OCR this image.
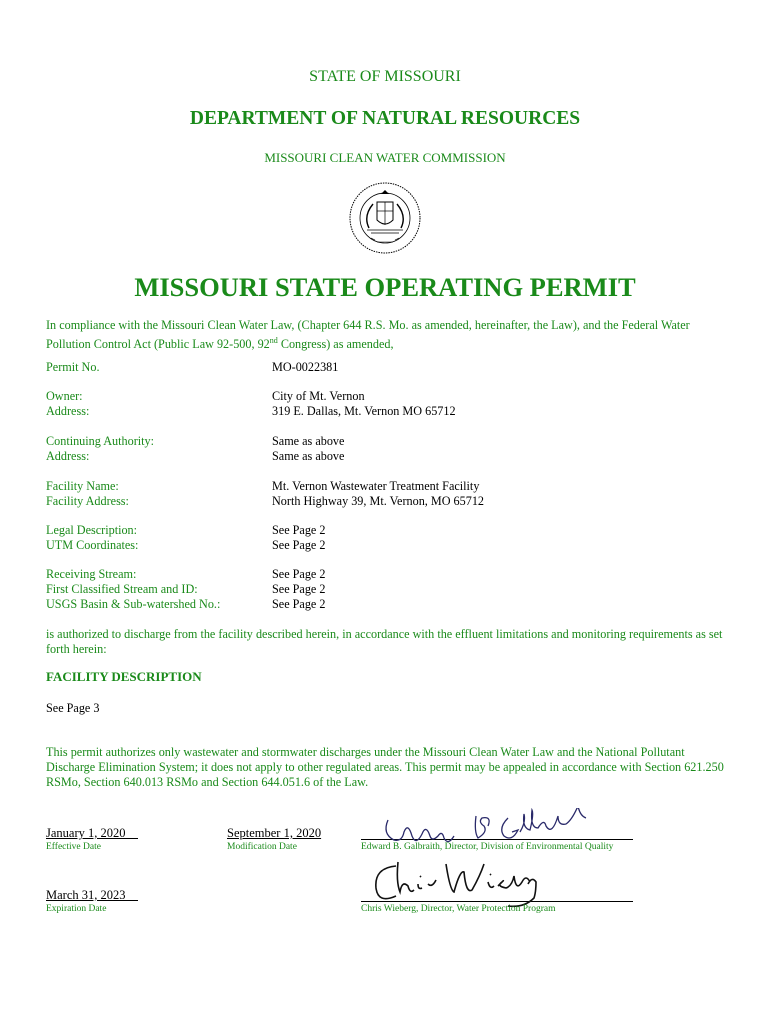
STATE OF MISSOURI
DEPARTMENT OF NATURAL RESOURCES
MISSOURI CLEAN WATER COMMISSION
MISSOURI STATE OPERATING PERMIT
In compliance with the Missouri Clean Water Law, (Chapter 644 R.S. Mo. as amended, hereinafter, the Law), and the Federal Water Pollution Control Act (Public Law 92-500, 92nd Congress) as amended,
Permit No.	MO-0022381
Owner:	City of Mt. Vernon
Address:	319 E. Dallas, Mt. Vernon MO 65712
Continuing Authority:	Same as above
Address:	Same as above
Facility Name:	Mt. Vernon Wastewater Treatment Facility
Facility Address:	North Highway 39, Mt. Vernon, MO 65712
Legal Description:	See Page 2
UTM Coordinates:	See Page 2
Receiving Stream:	See Page 2
First Classified Stream and ID:	See Page 2
USGS Basin & Sub-watershed No.:	See Page 2
is authorized to discharge from the facility described herein, in accordance with the effluent limitations and monitoring requirements as set forth herein:
FACILITY DESCRIPTION
See Page 3
This permit authorizes only wastewater and stormwater discharges under the Missouri Clean Water Law and the National Pollutant Discharge Elimination System; it does not apply to other regulated areas. This permit may be appealed in accordance with Section 621.250 RSMo, Section 640.013 RSMo and Section 644.051.6 of the Law.
January 1, 2020
Effective Date
September 1, 2020
Modification Date	Edward B. Galbraith, Director, Division of Environmental Quality
March 31, 2023
Expiration Date	Chris Wieberg, Director, Water Protection Program
